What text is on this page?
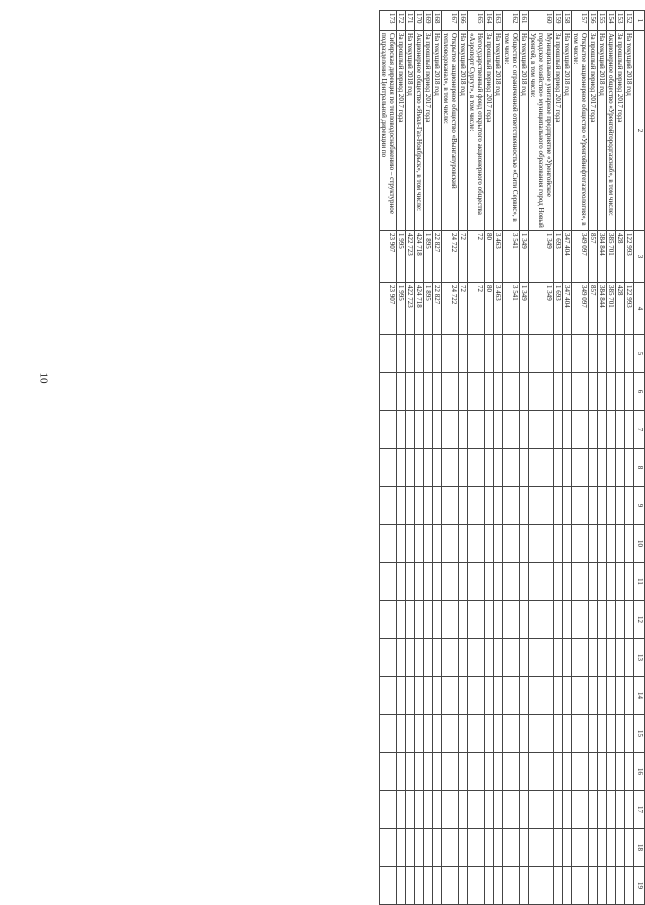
10
1	2	3	4	5	6	7	8	9	10	11	12	13	14	15	16	17	18	19
152	На текущий 2018 год	122 993	122 993															
153	За прошлый период 2017 года	428	428															
154	Акционерное общество «Уренгойгородгазснаб», в том числе:	385 701	385 701															
155	На текущий 2018 год	384 844	384 844															
156	За прошлый период 2017 года	857	857															
157	Открытое акционерное общество «Уренгойнефтегазгеология», в том числе:	349 097	349 097															
158	На текущий 2018 год	347 404	347 404															
159	За прошлый период 2017 года	1 693	1 693															
160	Муниципальное унитарное предприятие «Уренгойское городское хозяйство» муниципального образования город Новый Уренгой, в том числе:	1 349	1 349															
161	На текущий 2018 год	1 349	1 349															
162	Общество с ограниченной ответственностью «Сити Сервис», в том числе:	3 541	3 541															
163	На текущий 2018 год	3 463	3 463															
164	За прошлый период 2017 года	80	80															
165	Негосударственный фонд открытого акционерного общества «Аэропорт Сургут», в том числе:	72	72															
166	На текущий 2018 год	72	72															
167	Открытое акционерное общество «Вынгапуровский тепловодоканал», в том числе:	24 722	24 722															
168	На текущий 2018 год	22 827	22 827															
169	За прошлый период 2017 года	1 895	1 895															
170	Акционерное общество «Ямал-Газ-Ноябрьск», в том числе:	424 718	424 718															
171	На текущий 2018 год	422 723	422 723															
172	За прошлый период 2017 года	1 995	1 995															
173	Сибирская дирекция по тепловодоснабжению – структурное подразделение Центральной дирекции по	23 907	23 907															
